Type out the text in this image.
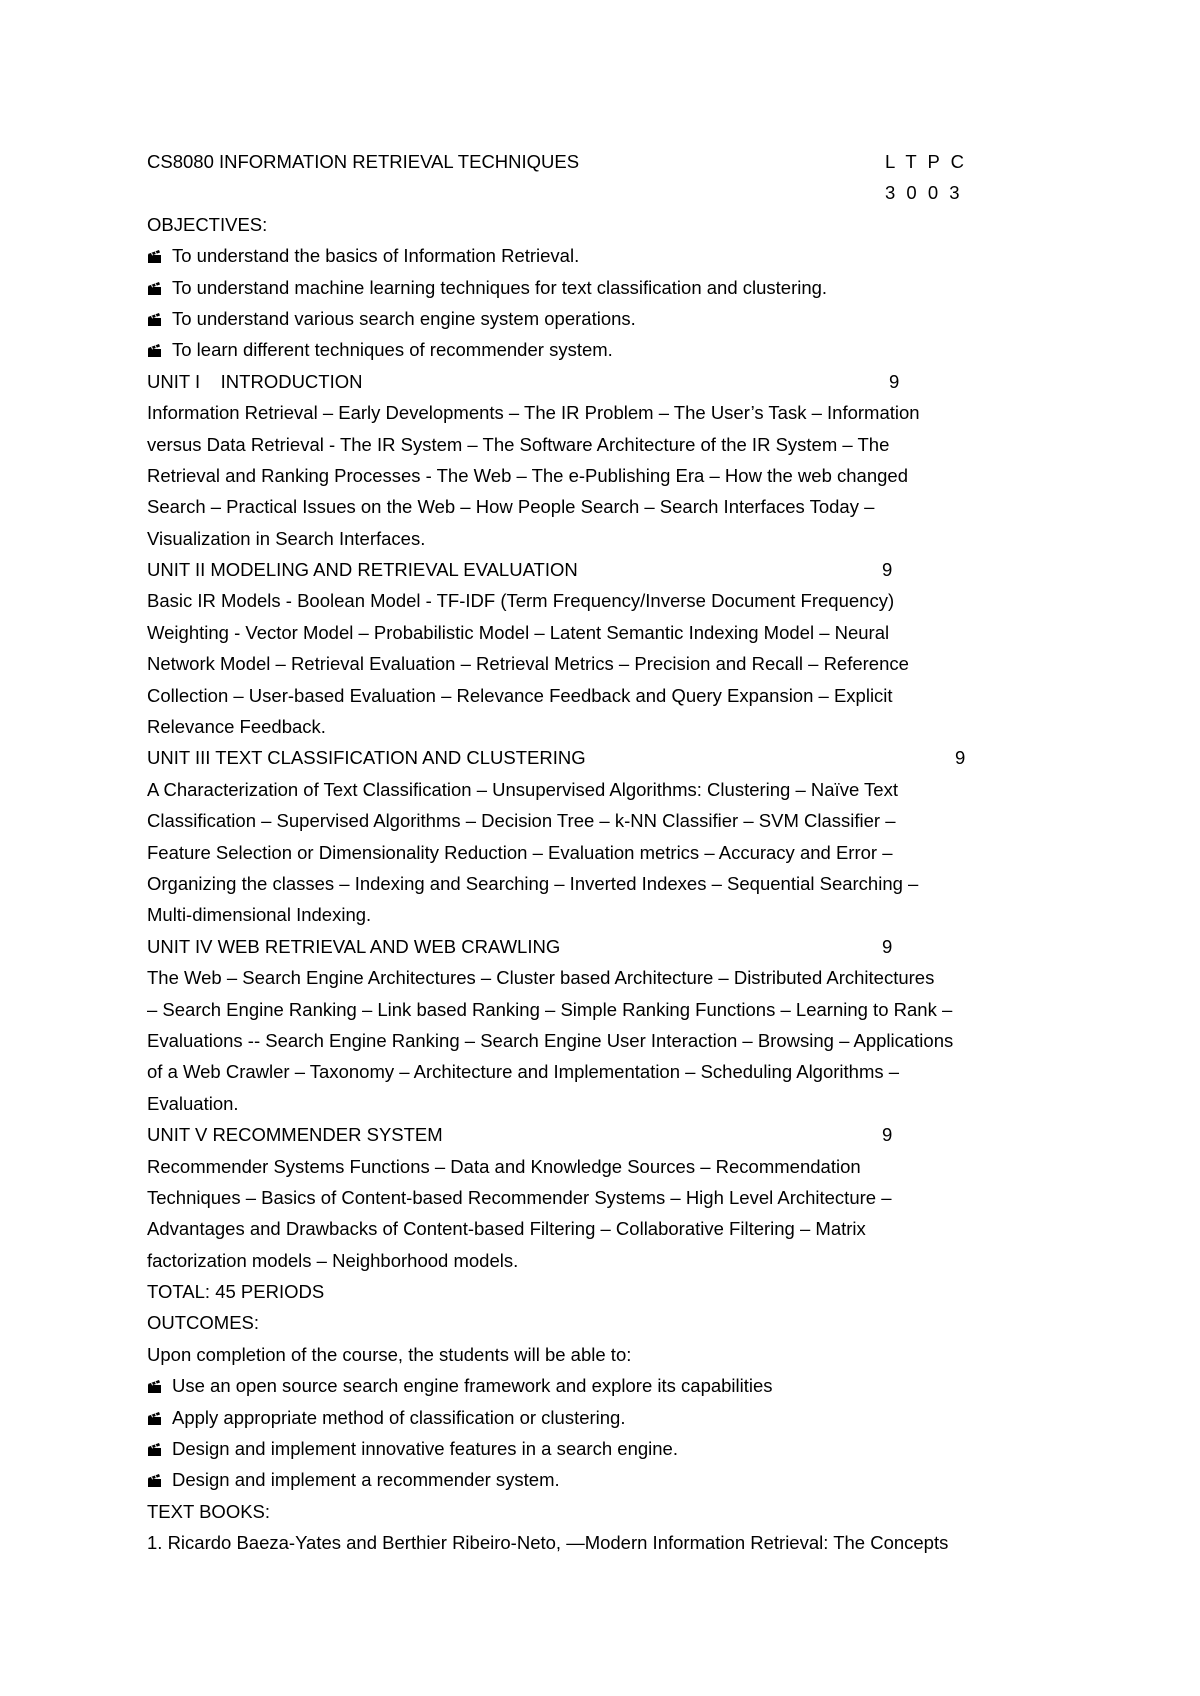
CS8080 INFORMATION RETRIEVAL TECHNIQUES	L T P C
3 0 0 3
OBJECTIVES:
To understand the basics of Information Retrieval.
To understand machine learning techniques for text classification and clustering.
To understand various search engine system operations.
To learn different techniques of recommender system.
UNIT I    INTRODUCTION	9
Information Retrieval – Early Developments – The IR Problem – The User’s Task – Information
versus Data Retrieval - The IR System – The Software Architecture of the IR System – The
Retrieval and Ranking Processes - The Web – The e-Publishing Era – How the web changed
Search – Practical Issues on the Web – How People Search – Search Interfaces Today –
Visualization in Search Interfaces.
UNIT II MODELING AND RETRIEVAL EVALUATION	9
Basic IR Models - Boolean Model - TF-IDF (Term Frequency/Inverse Document Frequency)
Weighting - Vector Model – Probabilistic Model – Latent Semantic Indexing Model – Neural
Network Model – Retrieval Evaluation – Retrieval Metrics – Precision and Recall – Reference
Collection – User-based Evaluation – Relevance Feedback and Query Expansion – Explicit
Relevance Feedback.
UNIT III TEXT CLASSIFICATION AND CLUSTERING	9
A Characterization of Text Classification – Unsupervised Algorithms: Clustering – Naïve Text
Classification – Supervised Algorithms – Decision Tree – k-NN Classifier – SVM Classifier –
Feature Selection or Dimensionality Reduction – Evaluation metrics – Accuracy and Error –
Organizing the classes – Indexing and Searching – Inverted Indexes – Sequential Searching –
Multi-dimensional Indexing.
UNIT IV WEB RETRIEVAL AND WEB CRAWLING	9
The Web – Search Engine Architectures – Cluster based Architecture – Distributed Architectures
– Search Engine Ranking – Link based Ranking – Simple Ranking Functions – Learning to Rank –
Evaluations -- Search Engine Ranking – Search Engine User Interaction – Browsing – Applications
of a Web Crawler – Taxonomy – Architecture and Implementation – Scheduling Algorithms –
Evaluation.
UNIT V RECOMMENDER SYSTEM	9
Recommender Systems Functions – Data and Knowledge Sources – Recommendation
Techniques – Basics of Content-based Recommender Systems – High Level Architecture –
Advantages and Drawbacks of Content-based Filtering – Collaborative Filtering – Matrix
factorization models – Neighborhood models.
TOTAL: 45 PERIODS
OUTCOMES:
Upon completion of the course, the students will be able to:
Use an open source search engine framework and explore its capabilities
Apply appropriate method of classification or clustering.
Design and implement innovative features in a search engine.
Design and implement a recommender system.
TEXT BOOKS:
1. Ricardo Baeza-Yates and Berthier Ribeiro-Neto, ―Modern Information Retrieval: The Concepts
